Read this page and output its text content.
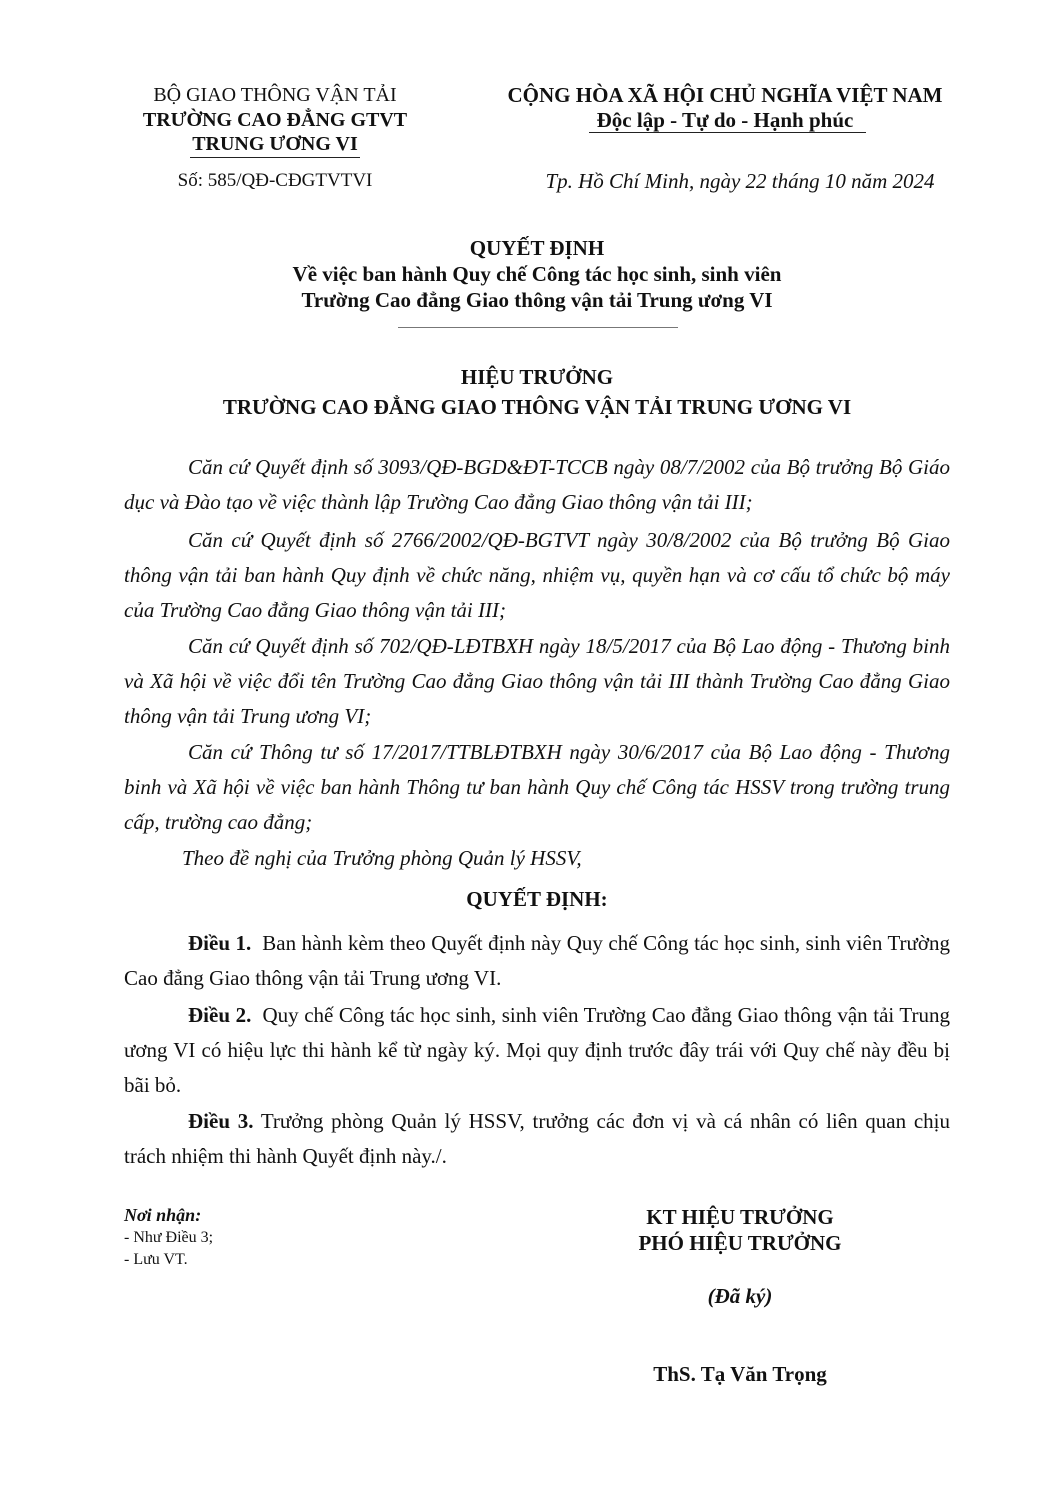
BỘ GIAO THÔNG VẬN TẢI
TRƯỜNG CAO ĐẲNG GTVT
TRUNG ƯƠNG VI
Số: 585/QĐ-CĐGTVTVI
CỘNG HÒA XÃ HỘI CHỦ NGHĨA VIỆT NAM
Độc lập - Tự do - Hạnh phúc
Tp. Hồ Chí Minh, ngày 22 tháng 10 năm 2024
QUYẾT ĐỊNH
Về việc ban hành Quy chế Công tác học sinh, sinh viên
Trường Cao đẳng Giao thông vận tải Trung ương VI
HIỆU TRƯỞNG
TRƯỜNG CAO ĐẲNG GIAO THÔNG VẬN TẢI TRUNG ƯƠNG VI

Căn cứ Quyết định số 3093/QĐ-BGD&ĐT-TCCB ngày 08/7/2002 của Bộ trưởng Bộ Giáo dục và Đào tạo về việc thành lập Trường Cao đẳng Giao thông vận tải III;

Căn cứ Quyết định số 2766/2002/QĐ-BGTVT ngày 30/8/2002 của Bộ trưởng Bộ Giao thông vận tải ban hành Quy định về chức năng, nhiệm vụ, quyền hạn và cơ cấu tổ chức bộ máy của Trường Cao đẳng Giao thông vận tải III;

Căn cứ Quyết định số 702/QĐ-LĐTBXH ngày 18/5/2017 của Bộ Lao động - Thương binh và Xã hội về việc đổi tên Trường Cao đẳng Giao thông vận tải III thành Trường Cao đẳng Giao thông vận tải Trung ương VI;

Căn cứ Thông tư số 17/2017/TTBLĐTBXH ngày 30/6/2017 của Bộ Lao động - Thương binh và Xã hội về việc ban hành Thông tư ban hành Quy chế Công tác HSSV trong trường trung cấp, trường cao đẳng;

Theo đề nghị của Trưởng phòng Quản lý HSSV,

QUYẾT ĐỊNH:

Điều 1. Ban hành kèm theo Quyết định này Quy chế Công tác học sinh, sinh viên Trường Cao đẳng Giao thông vận tải Trung ương VI.

Điều 2. Quy chế Công tác học sinh, sinh viên Trường Cao đẳng Giao thông vận tải Trung ương VI có hiệu lực thi hành kể từ ngày ký. Mọi quy định trước đây trái với Quy chế này đều bị bãi bỏ.

Điều 3. Trưởng phòng Quản lý HSSV, trưởng các đơn vị và cá nhân có liên quan chịu trách nhiệm thi hành Quyết định này./.

Nơi nhận:
- Như Điều 3;
- Lưu VT.
KT HIỆU TRƯỞNG
PHÓ HIỆU TRƯỞNG
(Đã ký)
ThS. Tạ Văn Trọng
